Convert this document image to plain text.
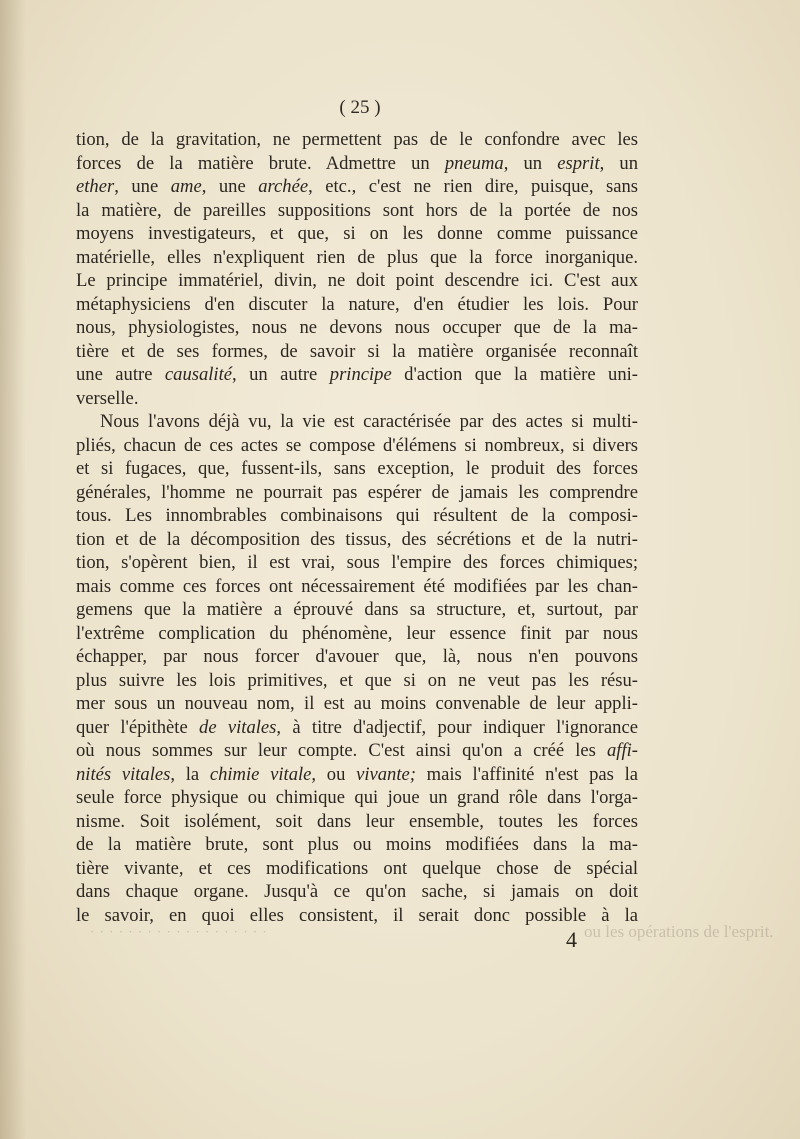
( 25 )
tion, de la gravitation, ne permettent pas de le confondre avec les
forces de la matière brute. Admettre un pneuma, un esprit, un
ether, une ame, une archée, etc., c'est ne rien dire, puisque, sans
la matière, de pareilles suppositions sont hors de la portée de nos
moyens investigateurs, et que, si on les donne comme puissance
matérielle, elles n'expliquent rien de plus que la force inorganique.
Le principe immatériel, divin, ne doit point descendre ici. C'est aux
métaphysiciens d'en discuter la nature, d'en étudier les lois. Pour
nous, physiologistes, nous ne devons nous occuper que de la ma-
tière et de ses formes, de savoir si la matière organisée reconnaît
une autre causalité, un autre principe d'action que la matière uni-
verselle.
Nous l'avons déjà vu, la vie est caractérisée par des actes si multi-
pliés, chacun de ces actes se compose d'élémens si nombreux, si divers
et si fugaces, que, fussent-ils, sans exception, le produit des forces
générales, l'homme ne pourrait pas espérer de jamais les comprendre
tous. Les innombrables combinaisons qui résultent de la composi-
tion et de la décomposition des tissus, des sécrétions et de la nutri-
tion, s'opèrent bien, il est vrai, sous l'empire des forces chimiques;
mais comme ces forces ont nécessairement été modifiées par les chan-
gemens que la matière a éprouvé dans sa structure, et, surtout, par
l'extrême complication du phénomène, leur essence finit par nous
échapper, par nous forcer d'avouer que, là, nous n'en pouvons
plus suivre les lois primitives, et que si on ne veut pas les résu-
mer sous un nouveau nom, il est au moins convenable de leur appli-
quer l'épithète de vitales, à titre d'adjectif, pour indiquer l'ignorance
où nous sommes sur leur compte. C'est ainsi qu'on a créé les affi-
nités vitales, la chimie vitale, ou vivante; mais l'affinité n'est pas la
seule force physique ou chimique qui joue un grand rôle dans l'orga-
nisme. Soit isolément, soit dans leur ensemble, toutes les forces
de la matière brute, sont plus ou moins modifiées dans la ma-
tière vivante, et ces modifications ont quelque chose de spécial
dans chaque organe. Jusqu'à ce qu'on sache, si jamais on doit
le savoir, en quoi elles consistent, il serait donc possible à la
· · · · · · · · · · · · · · · · · · ·	ou les opérations de l'esprit.
4
